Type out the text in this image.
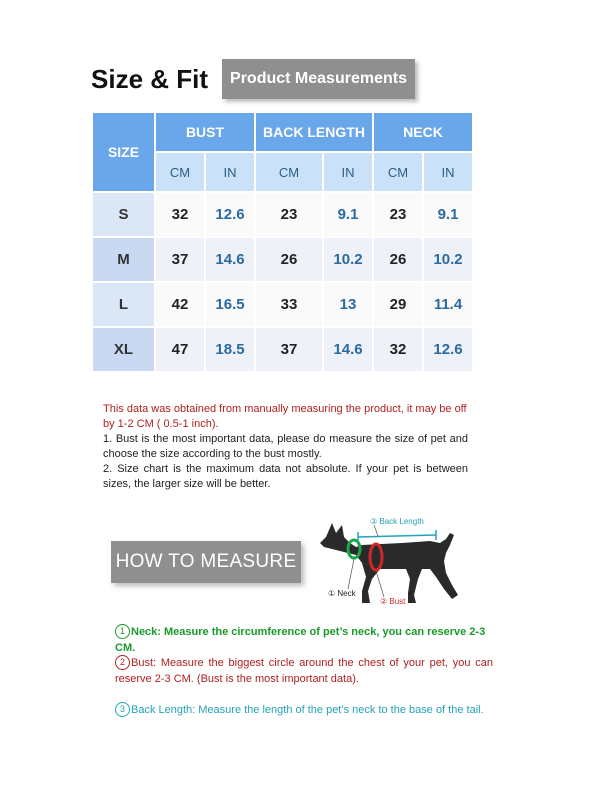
Size & Fit	Product Measurements
SIZE	BUST		BACK LENGTH		NECK	
	CM	IN	CM	IN	CM	IN
S	32	12.6	23	9.1	23	9.1
M	37	14.6	26	10.2	26	10.2
L	42	16.5	33	13	29	11.4
XL	47	18.5	37	14.6	32	12.6

This data was obtained from manually measuring the product, it may be off by 1-2 CM ( 0.5-1 inch).

1. Bust is the most important data, please do measure the size of pet and choose the size according to the bust mostly.

2. Size chart is the maximum data not absolute. If your pet is between sizes, the larger size will be better.

HOW TO MEASURE
③ Back Length
① Neck
② Bust
1 Neck: Measure the circumference of pet’s neck, you can reserve 2-3 CM.
2 Bust: Measure the biggest circle around the chest of your pet, you can reserve 2-3 CM. (Bust is the most important data).
3 Back Length: Measure the length of the pet’s neck to the base of the tail.
